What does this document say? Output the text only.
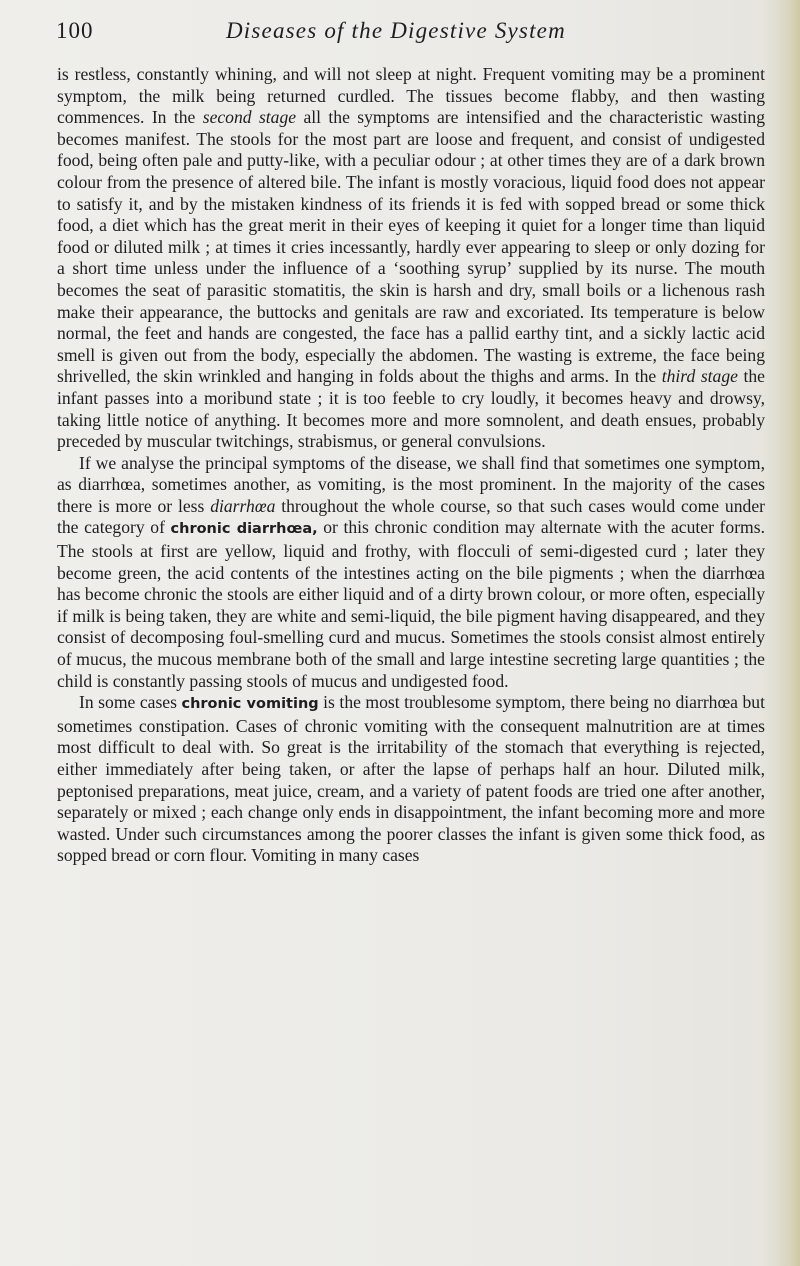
100	Diseases of the Digestive System

is restless, constantly whining, and will not sleep at night. Frequent vomiting may be a prominent symptom, the milk being returned curdled. The tissues become flabby, and then wasting commences. In the second stage all the symptoms are intensified and the characteristic wasting becomes manifest. The stools for the most part are loose and frequent, and consist of undigested food, being often pale and putty-like, with a peculiar odour ; at other times they are of a dark brown colour from the presence of altered bile. The infant is mostly voracious, liquid food does not appear to satisfy it, and by the mistaken kindness of its friends it is fed with sopped bread or some thick food, a diet which has the great merit in their eyes of keeping it quiet for a longer time than liquid food or diluted milk ; at times it cries incessantly, hardly ever appearing to sleep or only dozing for a short time unless under the influence of a ‘soothing syrup’ supplied by its nurse. The mouth becomes the seat of parasitic stomatitis, the skin is harsh and dry, small boils or a lichenous rash make their appearance, the buttocks and genitals are raw and excoriated. Its temperature is below normal, the feet and hands are congested, the face has a pallid earthy tint, and a sickly lactic acid smell is given out from the body, especially the abdomen. The wasting is extreme, the face being shrivelled, the skin wrinkled and hanging in folds about the thighs and arms. In the third stage the infant passes into a moribund state ; it is too feeble to cry loudly, it becomes heavy and drowsy, taking little notice of anything. It becomes more and more somnolent, and death ensues, probably preceded by muscular twitchings, strabismus, or general convulsions.

If we analyse the principal symptoms of the disease, we shall find that sometimes one symptom, as diarrhœa, sometimes another, as vomiting, is the most prominent. In the majority of the cases there is more or less diarrhœa throughout the whole course, so that such cases would come under the category of chronic diarrhœa, or this chronic condition may alternate with the acuter forms. The stools at first are yellow, liquid and frothy, with flocculi of semi-digested curd ; later they become green, the acid contents of the intestines acting on the bile pigments ; when the diarrhœa has become chronic the stools are either liquid and of a dirty brown colour, or more often, especially if milk is being taken, they are white and semi-liquid, the bile pigment having disappeared, and they consist of decomposing foul-smelling curd and mucus. Sometimes the stools consist almost entirely of mucus, the mucous membrane both of the small and large intestine secreting large quantities ; the child is constantly passing stools of mucus and undigested food.

In some cases chronic vomiting is the most troublesome symptom, there being no diarrhœa but sometimes constipation. Cases of chronic vomiting with the consequent malnutrition are at times most difficult to deal with. So great is the irritability of the stomach that everything is rejected, either immediately after being taken, or after the lapse of perhaps half an hour. Diluted milk, peptonised preparations, meat juice, cream, and a variety of patent foods are tried one after another, separately or mixed ; each change only ends in disappointment, the infant becoming more and more wasted. Under such circumstances among the poorer classes the infant is given some thick food, as sopped bread or corn flour. Vomiting in many cases
